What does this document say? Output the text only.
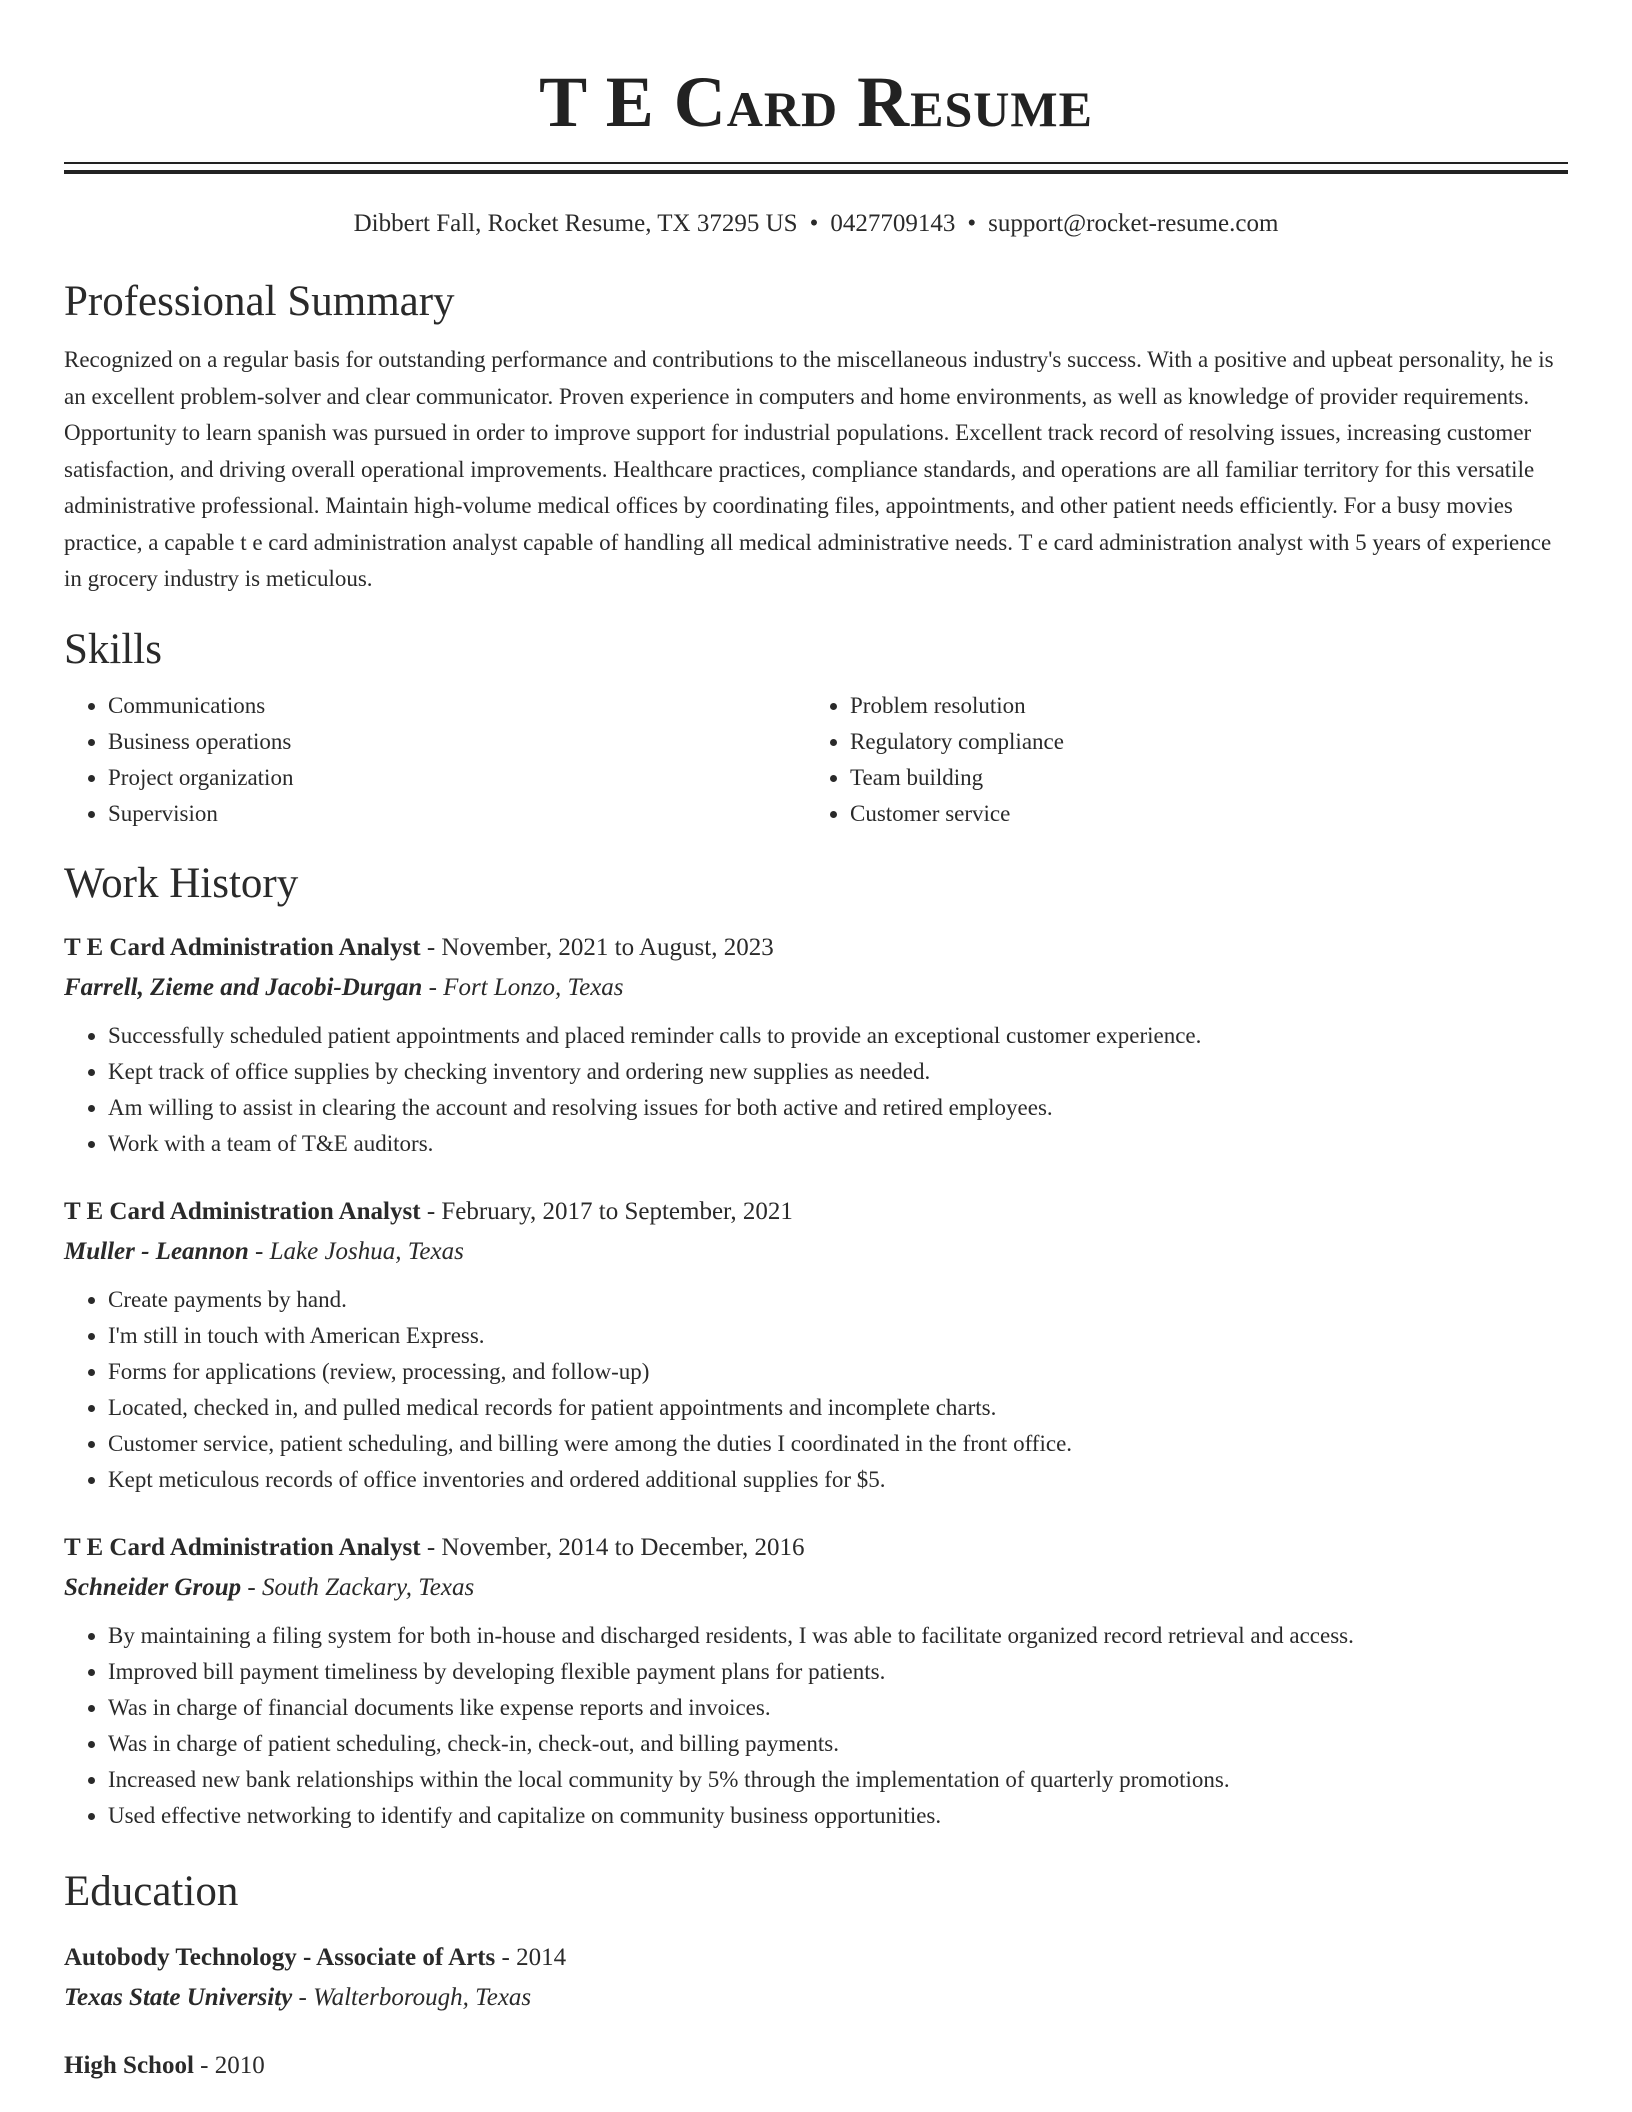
T E Card Resume
Dibbert Fall, Rocket Resume, TX 37295 US • 0427709143 • support@rocket-resume.com
Professional Summary
Recognized on a regular basis for outstanding performance and contributions to the miscellaneous industry's success. With a positive and upbeat personality, he is an excellent problem-solver and clear communicator. Proven experience in computers and home environments, as well as knowledge of provider requirements. Opportunity to learn spanish was pursued in order to improve support for industrial populations. Excellent track record of resolving issues, increasing customer satisfaction, and driving overall operational improvements. Healthcare practices, compliance standards, and operations are all familiar territory for this versatile administrative professional. Maintain high-volume medical offices by coordinating files, appointments, and other patient needs efficiently. For a busy movies practice, a capable t e card administration analyst capable of handling all medical administrative needs. T e card administration analyst with 5 years of experience in grocery industry is meticulous.
Skills
• Communications
• Business operations
• Project organization
• Supervision
• Problem resolution
• Regulatory compliance
• Team building
• Customer service
Work History
T E Card Administration Analyst - November, 2021 to August, 2023
Farrell, Zieme and Jacobi-Durgan - Fort Lonzo, Texas
• Successfully scheduled patient appointments and placed reminder calls to provide an exceptional customer experience.
• Kept track of office supplies by checking inventory and ordering new supplies as needed.
• Am willing to assist in clearing the account and resolving issues for both active and retired employees.
• Work with a team of T&E auditors.
T E Card Administration Analyst - February, 2017 to September, 2021
Muller - Leannon - Lake Joshua, Texas
• Create payments by hand.
• I'm still in touch with American Express.
• Forms for applications (review, processing, and follow-up)
• Located, checked in, and pulled medical records for patient appointments and incomplete charts.
• Customer service, patient scheduling, and billing were among the duties I coordinated in the front office.
• Kept meticulous records of office inventories and ordered additional supplies for $5.
T E Card Administration Analyst - November, 2014 to December, 2016
Schneider Group - South Zackary, Texas
• By maintaining a filing system for both in-house and discharged residents, I was able to facilitate organized record retrieval and access.
• Improved bill payment timeliness by developing flexible payment plans for patients.
• Was in charge of financial documents like expense reports and invoices.
• Was in charge of patient scheduling, check-in, check-out, and billing payments.
• Increased new bank relationships within the local community by 5% through the implementation of quarterly promotions.
• Used effective networking to identify and capitalize on community business opportunities.
Education
Autobody Technology - Associate of Arts - 2014
Texas State University - Walterborough, Texas
High School - 2010
